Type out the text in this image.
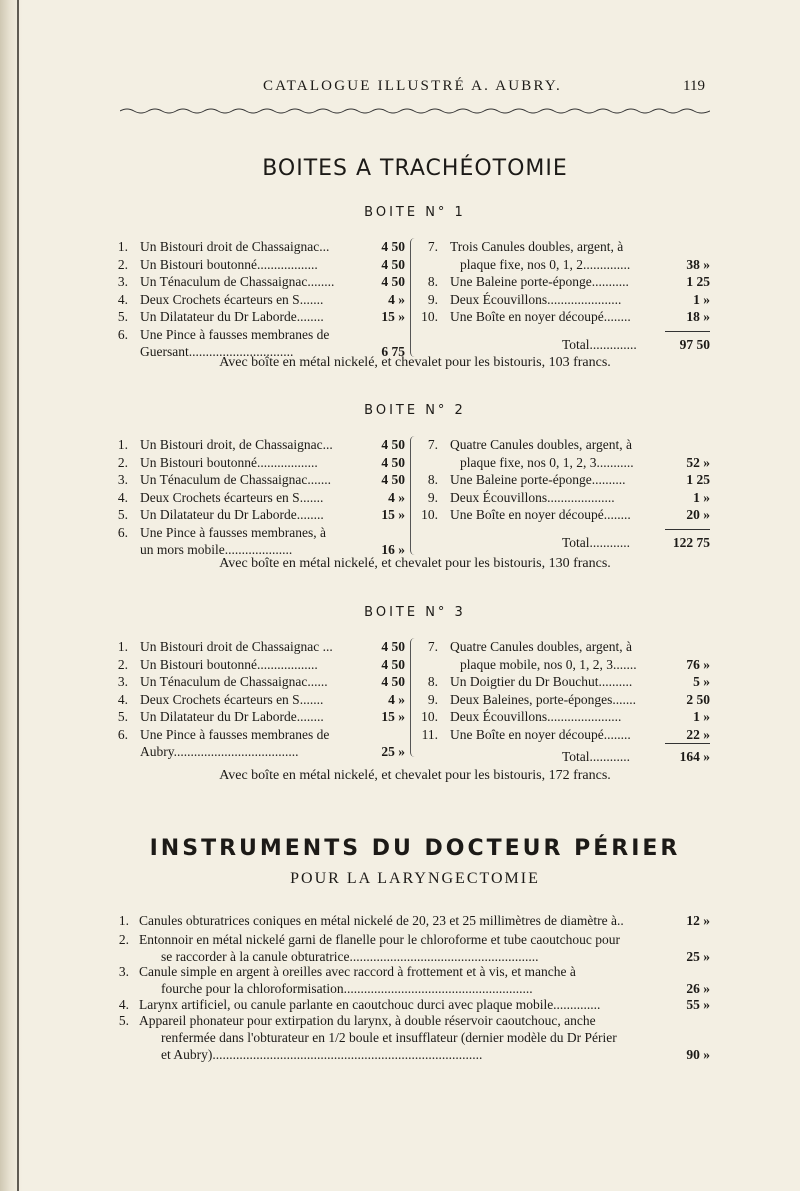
CATALOGUE ILLUSTRÉ A. AUBRY.	119
BOITES A TRACHÉOTOMIE
BOITE N° 1
1. Un Bistouri droit de Chassaignac...	4 50
2. Un Bistouri boutonné..................	4 50
3. Un Ténaculum de Chassaignac........	4 50
4. Deux Crochets écarteurs en S.......	4 »
5. Un Dilatateur du Dr Laborde........	15 »
6. Une Pince à fausses membranes de
Guersant...............................	6 75
7. Trois Canules doubles, argent, à
plaque fixe, nos 0, 1, 2..............	38 »
8. Une Baleine porte-éponge...........	1 25
9. Deux Écouvillons......................	1 »
10. Une Boîte en noyer découpé........	18 »
Total..............	97 50
Avec boîte en métal nickelé, et chevalet pour les bistouris, 103 francs.
BOITE N° 2
1. Un Bistouri droit, de Chassaignac...	4 50
2. Un Bistouri boutonné..................	4 50
3. Un Ténaculum de Chassaignac.......	4 50
4. Deux Crochets écarteurs en S.......	4 »
5. Un Dilatateur du Dr Laborde........	15 »
6. Une Pince à fausses membranes, à
un mors mobile....................	16 »
7. Quatre Canules doubles, argent, à
plaque fixe, nos 0, 1, 2, 3...........	52 »
8. Une Baleine porte-éponge..........	1 25
9. Deux Écouvillons....................	1 »
10. Une Boîte en noyer découpé........	20 »
Total............	122 75
Avec boîte en métal nickelé, et chevalet pour les bistouris, 130 francs.
BOITE N° 3
1. Un Bistouri droit de Chassaignac ...	4 50
2. Un Bistouri boutonné..................	4 50
3. Un Ténaculum de Chassaignac......	4 50
4. Deux Crochets écarteurs en S.......	4 »
5. Un Dilatateur du Dr Laborde........	15 »
6. Une Pince à fausses membranes de
Aubry.....................................	25 »
7. Quatre Canules doubles, argent, à
plaque mobile, nos 0, 1, 2, 3.......	76 »
8. Un Doigtier du Dr Bouchut..........	5 »
9. Deux Baleines, porte-éponges.......	2 50
10. Deux Écouvillons......................	1 »
11. Une Boîte en noyer découpé........	22 »
Total............	164 »
Avec boîte en métal nickelé, et chevalet pour les bistouris, 172 francs.
INSTRUMENTS DU DOCTEUR PÉRIER
POUR LA LARYNGECTOMIE
1. Canules obturatrices coniques en métal nickelé de 20, 23 et 25 millimètres de diamètre à..	12 »
2. Entonnoir en métal nickelé garni de flanelle pour le chloroforme et tube caoutchouc pour
se raccorder à la canule obturatrice........................................................	25 »
3. Canule simple en argent à oreilles avec raccord à frottement et à vis, et manche à
fourche pour la chloroformisation........................................................	26 »
4. Larynx artificiel, ou canule parlante en caoutchouc durci avec plaque mobile..............	55 »
5. Appareil phonateur pour extirpation du larynx, à double réservoir caoutchouc, anche
renfermée dans l'obturateur en 1/2 boule et insufflateur (dernier modèle du Dr Périer
et Aubry)................................................................................	90 »
